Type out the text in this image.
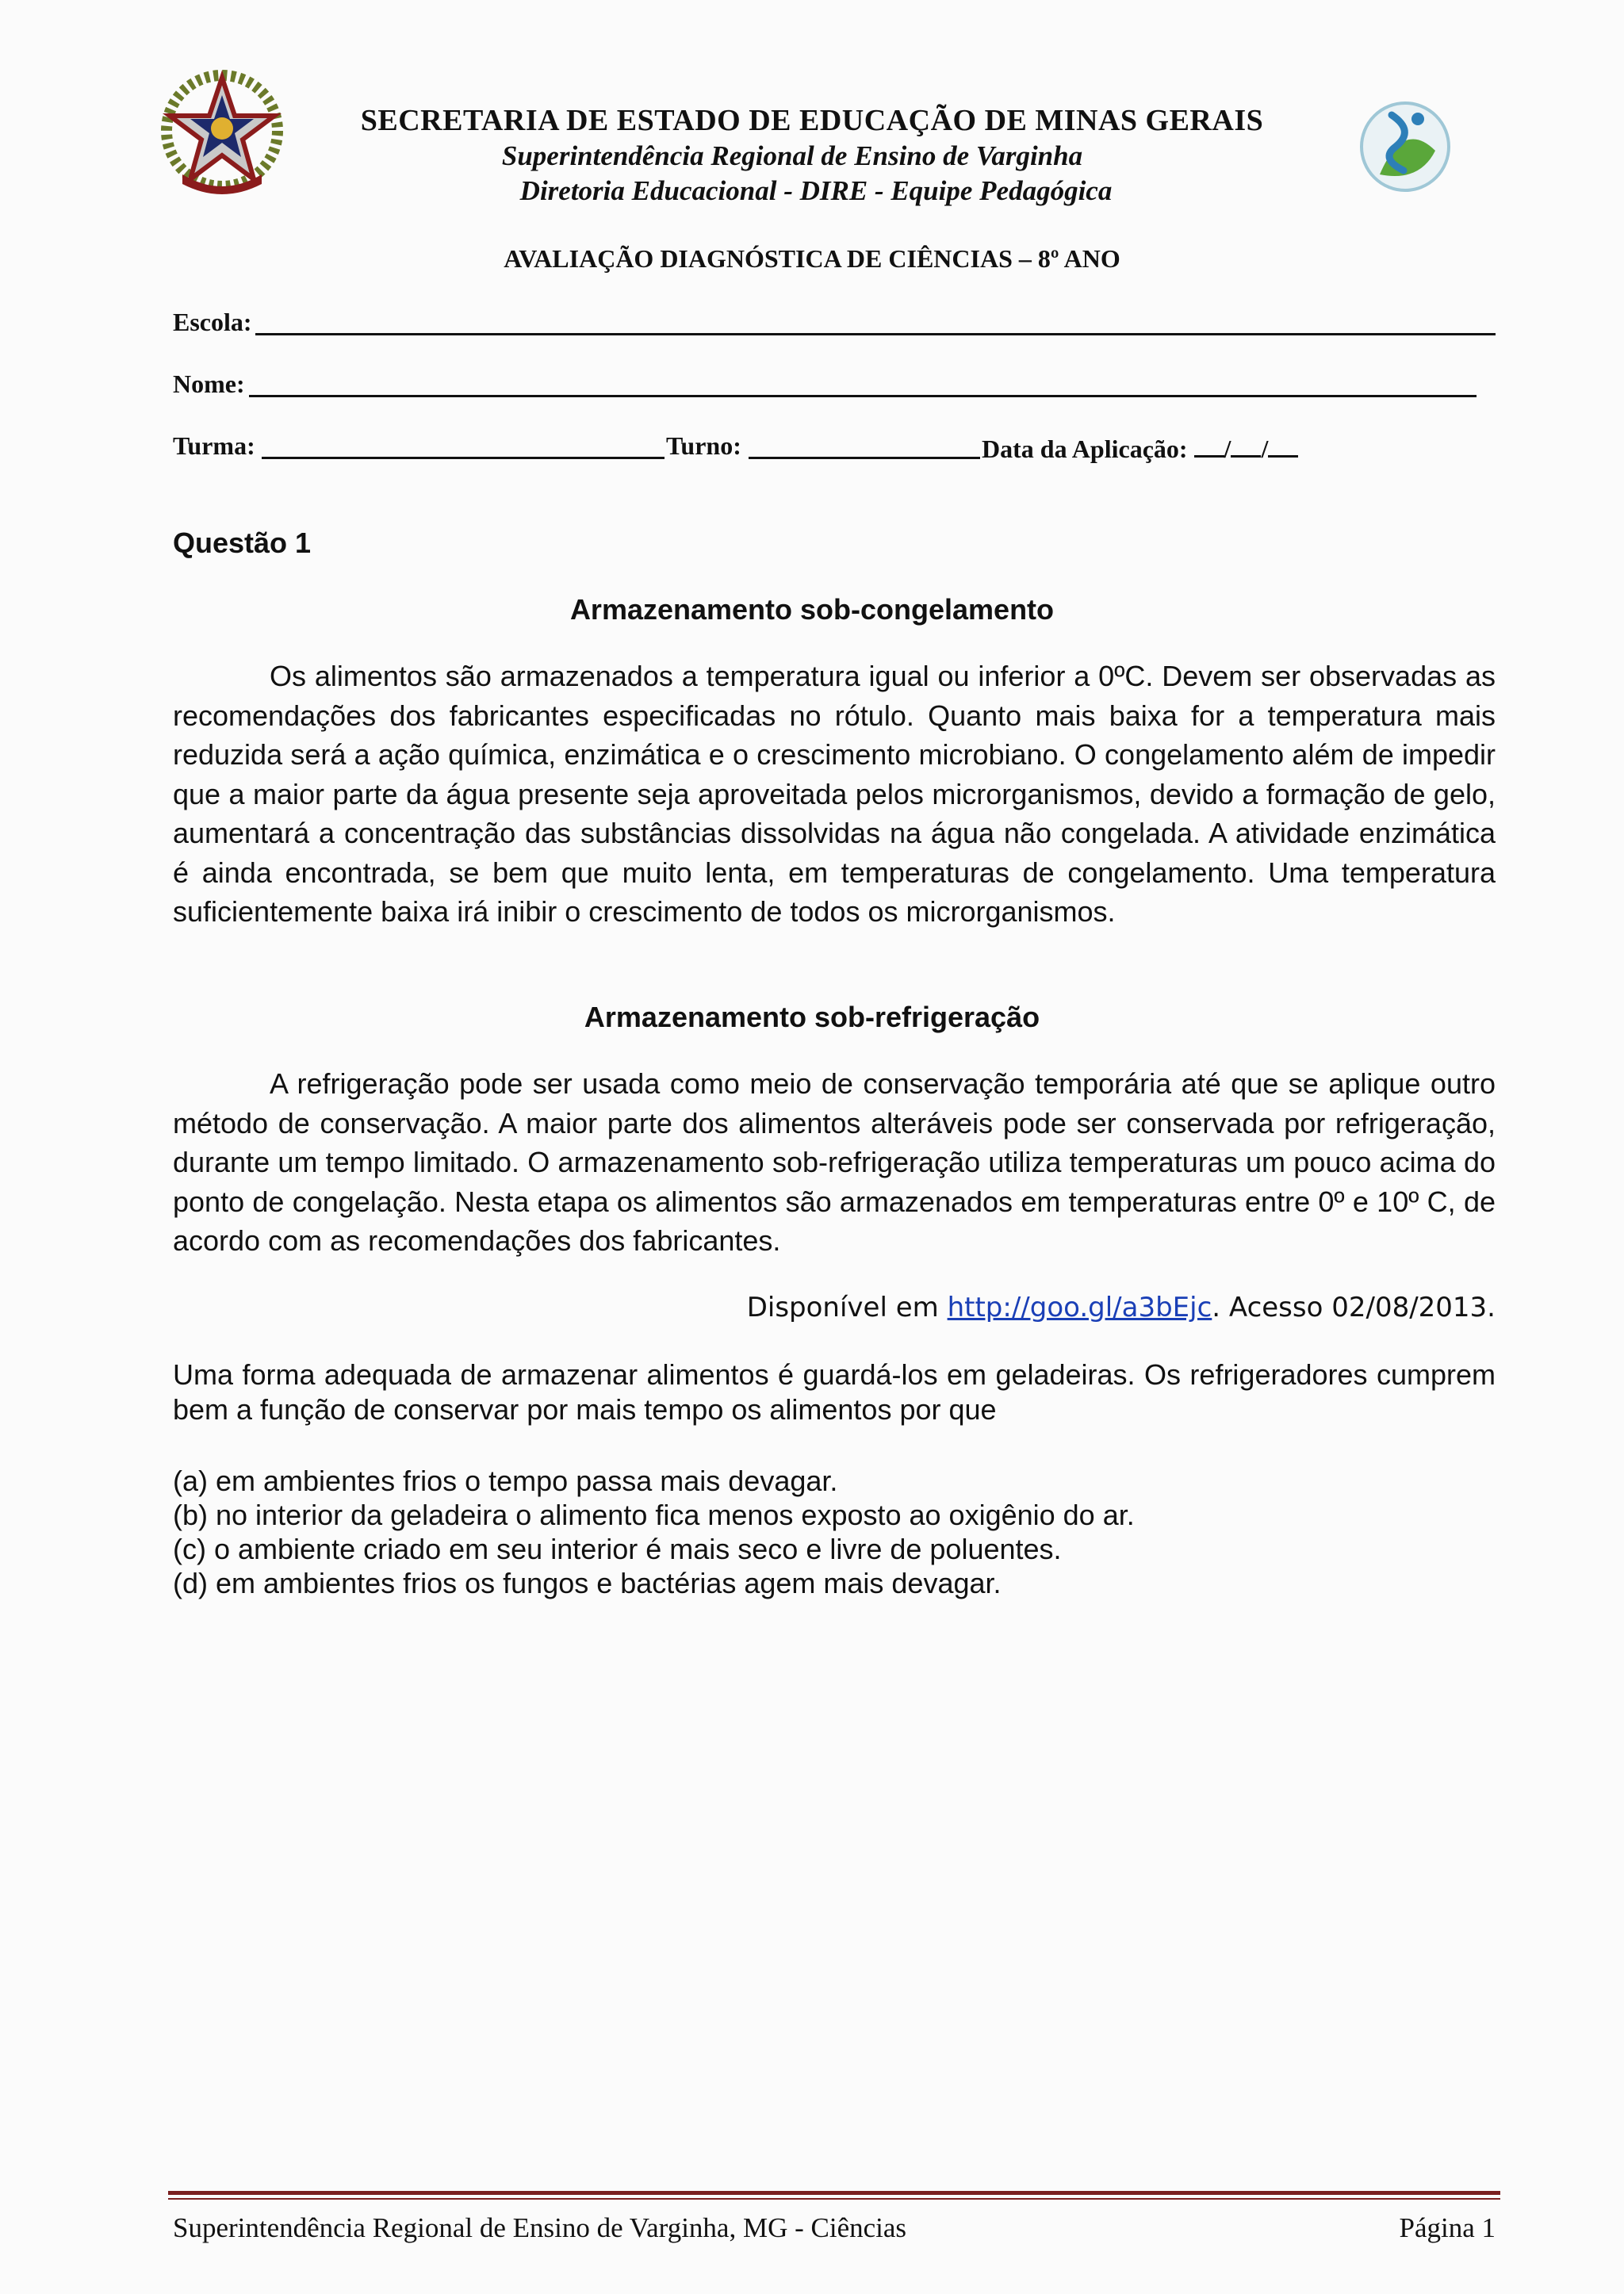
SECRETARIA DE ESTADO DE EDUCAÇÃO DE MINAS GERAIS
Superintendência Regional de Ensino de Varginha
Diretoria Educacional - DIRE - Equipe Pedagógica
AVALIAÇÃO DIAGNÓSTICA DE CIÊNCIAS – 8º ANO
Escola:
Nome:
Turma:	Turno:	Data da Aplicação: / /
Questão 1
Armazenamento sob-congelamento

Os alimentos são armazenados a temperatura igual ou inferior a 0ºC. Devem ser observadas as recomendações dos fabricantes especificadas no rótulo. Quanto mais baixa for a temperatura mais reduzida será a ação química, enzimática e o crescimento microbiano. O congelamento além de impedir que a maior parte da água presente seja aproveitada pelos microrganismos, devido a formação de gelo, aumentará a concentração das substâncias dissolvidas na água não congelada. A atividade enzimática é ainda encontrada, se bem que muito lenta, em temperaturas de congelamento. Uma temperatura suficientemente baixa irá inibir o crescimento de todos os microrganismos.

Armazenamento sob-refrigeração

A refrigeração pode ser usada como meio de conservação temporária até que se aplique outro método de conservação. A maior parte dos alimentos alteráveis pode ser conservada por refrigeração, durante um tempo limitado. O armazenamento sob-refrigeração utiliza temperaturas um pouco acima do ponto de congelação. Nesta etapa os alimentos são armazenados em temperaturas entre 0º e 10º C, de acordo com as recomendações dos fabricantes.

Disponível em http://goo.gl/a3bEjc. Acesso 02/08/2013.

Uma forma adequada de armazenar alimentos é guardá-los em geladeiras. Os refrigeradores cumprem bem a função de conservar por mais tempo os alimentos por que

(a) em ambientes frios o tempo passa mais devagar.
(b) no interior da geladeira o alimento fica menos exposto ao oxigênio do ar.
(c) o ambiente criado em seu interior é mais seco e livre de poluentes.
(d) em ambientes frios os fungos e bactérias agem mais devagar.
Superintendência Regional de Ensino de Varginha, MG - Ciências	Página 1
